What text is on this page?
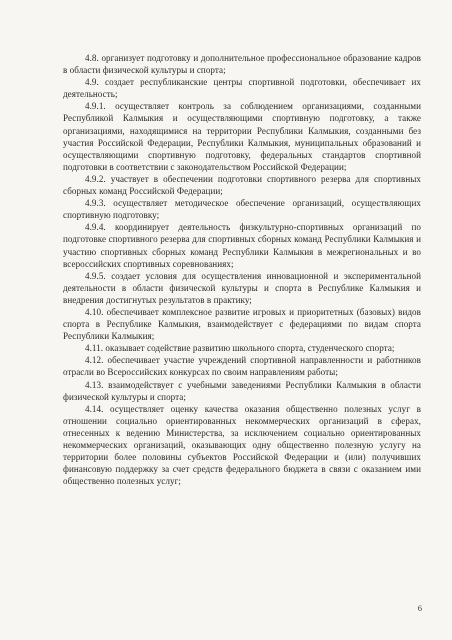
4.8. организует подготовку и дополнительное профессиональное образование кадров в области физической культуры и спорта;

4.9. создает республиканские центры спортивной подготовки, обеспечивает их деятельность;

4.9.1. осуществляет контроль за соблюдением организациями, созданными Республикой Калмыкия и осуществляющими спортивную подготовку, а также организациями, находящимися на территории Республики Калмыкия, созданными без участия Российской Федерации, Республики Калмыкия, муниципальных образований и осуществляющими спортивную подготовку, федеральных стандартов спортивной подготовки в соответствии с законодательством Российской Федерации;

4.9.2. участвует в обеспечении подготовки спортивного резерва для спортивных сборных команд Российской Федерации;

4.9.3. осуществляет методическое обеспечение организаций, осуществляющих спортивную подготовку;

4.9.4. координирует деятельность физкультурно-спортивных организаций по подготовке спортивного резерва для спортивных сборных команд Республики Калмыкия и участию спортивных сборных команд Республики Калмыкия в межрегиональных и во всероссийских спортивных соревнованиях;

4.9.5. создает условия для осуществления инновационной и экспериментальной деятельности в области физической культуры и спорта в Республике Калмыкия и внедрения достигнутых результатов в практику;

4.10. обеспечивает комплексное развитие игровых и приоритетных (базовых) видов спорта в Республике Калмыкия, взаимодействует с федерациями по видам спорта Республики Калмыкия;

4.11. оказывает содействие развитию школьного спорта, студенческого спорта;

4.12. обеспечивает участие учреждений спортивной направленности и работников отрасли во Всероссийских конкурсах по своим направлениям работы;

4.13. взаимодействует с учебными заведениями Республики Калмыкия в области физической культуры и спорта;

4.14. осуществляет оценку качества оказания общественно полезных услуг в отношении социально ориентированных некоммерческих организаций в сферах, отнесенных к ведению Министерства, за исключением социально ориентированных некоммерческих организаций, оказывающих одну общественно полезную услугу на территории более половины субъектов Российской Федерации и (или) получивших финансовую поддержку за счет средств федерального бюджета в связи с оказанием ими общественно полезных услуг;

6
